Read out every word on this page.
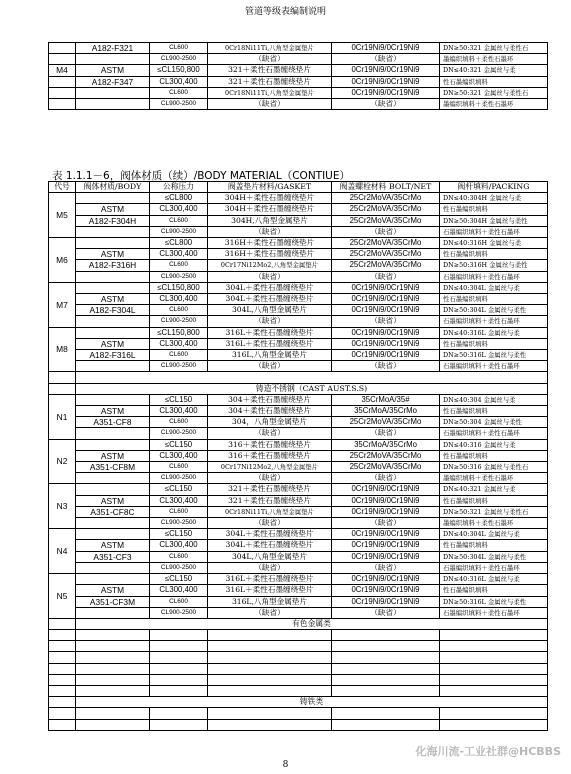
管道等级表编制说明
	A182-F321	CL600	0Cr18Ni11Ti,八角型金属垫片	0Cr19Ni9/0Cr19Ni9	DN≥50:321 金属丝与柔性石
		CL900-2500	（缺省）	（缺省）	墨编织填料＋柔性石墨环
M4	ASTM	≤CL150,800	321＋柔性石墨缠绕垫片	0Cr19Ni9/0Cr19Ni9	DN≤40:321 金属丝与柔
	A182-F347	CL300,400	321＋柔性石墨缠绕垫片	0Cr19Ni9/0Cr19Ni9	性石墨编织填料
		CL600	0Cr18Ni11Ti,八角型金属垫片	0Cr19Ni9/0Cr19Ni9	DN≥50:321 金属丝与柔性石
		CL900-2500	（缺省）	（缺省）	墨编织填料＋柔性石墨环
表 1.1.1－6，阀体材质（续）/BODY MATERIAL（CONTIUE）
代号	阀体材质/BODY	公称压力	阀盖垫片材料/GASKET	阀盖螺栓材料 BOLT/NET	阀杆填料/PACKING
M5		≤CL800	304H＋柔性石墨缠绕垫片	25Cr2MoVA/35CrMo	DN≤40:304H 金属丝与柔
	ASTM	CL300,400	304H＋柔性石墨缠绕垫片	25Cr2MoVA/35CrMo	性石墨编织填料
	A182-F304H	CL600	304H,八角型金属垫片	25Cr2MoVA/35CrMo	DN≥50:304H 金属丝与柔性
		CL900-2500	（缺省）	（缺省）	石墨编织填料＋柔性石墨环
M6		≤CL800	316H＋柔性石墨缠绕垫片	25Cr2MoVA/35CrMo	DN≤40:316H 金属丝与柔
	ASTM	CL300,400	316H＋柔性石墨缠绕垫片	25Cr2MoVA/35CrMo	性石墨编织填料
	A182-F316H	CL600	0Cr17Ni12Mo2,八角型金属垫片	25Cr2MoVA/35CrMo	DN≥50:316H 金属丝与柔性
		CL900-2500	（缺省）	（缺省）	石墨编织填料＋柔性石墨环
M7		≤CL150,800	304L＋柔性石墨缠绕垫片	0Cr19Ni9/0Cr19Ni9	DN≤40:304L 金属丝与柔
	ASTM	CL300,400	304L＋柔性石墨缠绕垫片	0Cr19Ni9/0Cr19Ni9	性石墨编织填料
	A182-F304L	CL600	304L,八角型金属垫片	0Cr19Ni9/0Cr19Ni9	DN≥50:304L 金属丝与柔性
		CL900-2500	（缺省）	（缺省）	石墨编织填料＋柔性石墨环
M8		≤CL150,800	316L＋柔性石墨缠绕垫片	0Cr19Ni9/0Cr19Ni9	DN≤40:316L 金属丝与柔
	ASTM	CL300,400	316L＋柔性石墨缠绕垫片	0Cr19Ni9/0Cr19Ni9	性石墨编织填料
	A182-F316L	CL600	316L,八角型金属垫片	0Cr19Ni9/0Cr19Ni9	DN≥50:316L 金属丝与柔性
		CL900-2500	（缺省）	（缺省）	石墨编织填料＋柔性石墨环

	铸造不锈钢（CAST AUST.S.S)				
N1		≤CL150	304＋柔性石墨缠绕垫片	35CrMoA/35#	DN≤40:304 金属丝与柔
	ASTM	CL300,400	304＋柔性石墨缠绕垫片	35CrMoA/35CrMo	性石墨编织填料
	A351-CF8	CL600	304，八角型金属垫片	25Cr2MoVA/35CrMo	DN≥50:304 金属丝与柔性
		CL900-2500	（缺省）	（缺省）	石墨编织填料＋柔性石墨环
N2		≤CL150	316＋柔性石墨缠绕垫片	35CrMoA/35CrMo	DN≤40:316 金属丝与柔
	ASTM	CL300,400	316＋柔性石墨缠绕垫片	25Cr2MoVA/35CrMo	性石墨编织填料
	A351-CF8M	CL600	0Cr17Ni12Mo2,八角型金属垫片	25Cr2MoVA/35CrMo	DN≥50:316 金属丝与柔性石
		CL900-2500	（缺省）	（缺省）	墨编织填料＋柔性石墨环
N3		≤CL150	321＋柔性石墨缠绕垫片	0Cr19Ni9/0Cr19Ni9	DN≤40:321 金属丝与柔
	ASTM	CL300,400	321＋柔性石墨缠绕垫片	0Cr19Ni9/0Cr19Ni9	性石墨编织填料
	A351-CF8C	CL600	0Cr18Ni11Ti,八角型金属垫片	0Cr19Ni9/0Cr19Ni9	DN≥50:321 金属丝与柔性石
		CL900-2500	（缺省）	（缺省）	墨编织填料＋柔性石墨环
N4		≤CL150	304L＋柔性石墨缠绕垫片	0Cr19Ni9/0Cr19Ni9	DN≤40:304L 金属丝与柔
	ASTM	CL300,400	304L＋柔性石墨缠绕垫片	0Cr19Ni9/0Cr19Ni9	性石墨编织填料
	A351-CF3	CL600	304L,八角型金属垫片	0Cr19Ni9/0Cr19Ni9	DN≥50:304L 金属丝与柔性
		CL900-2500	（缺省）	（缺省）	石墨编织填料＋柔性石墨环
N5		≤CL150	316L＋柔性石墨缠绕垫片	0Cr19Ni9/0Cr19Ni9	DN≤40:316L 金属丝与柔
	ASTM	CL300,400	316L＋柔性石墨缠绕垫片	0Cr19Ni9/0Cr19Ni9	性石墨编织填料
	A351-CF3M	CL600	316L,八角型金属垫片	0Cr19Ni9/0Cr19Ni9	DN≥50:316L 金属丝与柔性
		CL900-2500	（缺省）	（缺省）	石墨编织填料＋柔性石墨环
	有色金属类				

	铸铁类				

8
化海川流-工业社群@HCBBS
